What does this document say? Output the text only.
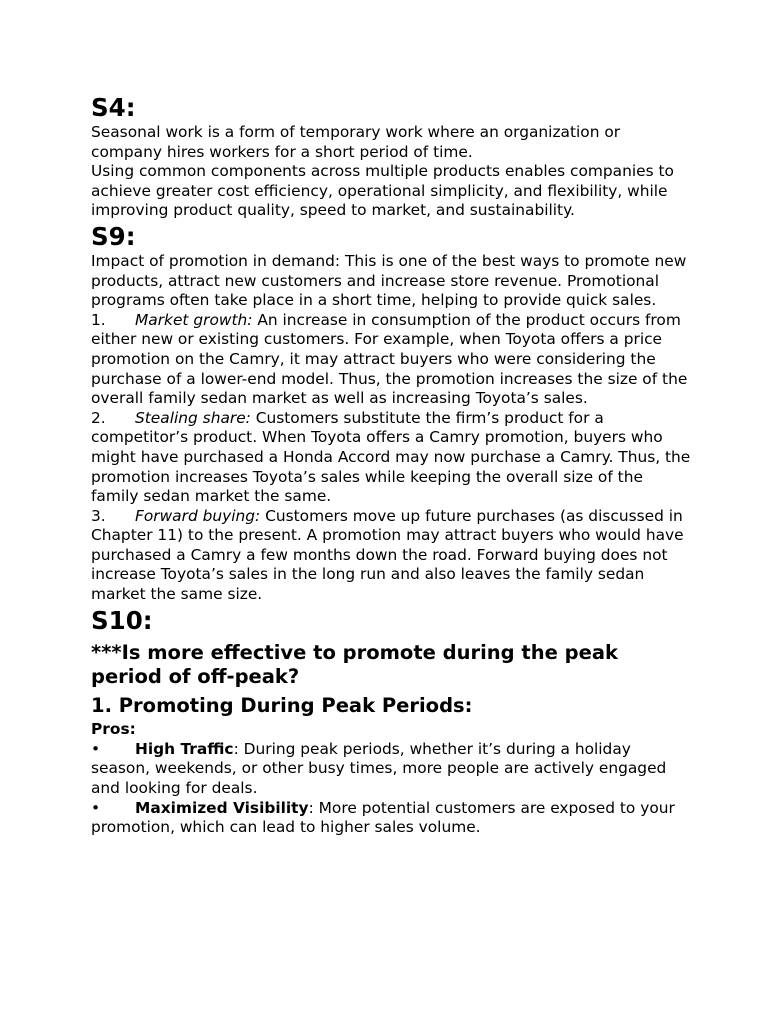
S4:

Seasonal work is a form of temporary work where an organization or company hires workers for a short period of time.

Using common components across multiple products enables companies to achieve greater cost efficiency, operational simplicity, and flexibility, while improving product quality, speed to market, and sustainability.

S9:

Impact of promotion in demand: This is one of the best ways to promote new products, attract new customers and increase store revenue. Promotional programs often take place in a short time, helping to provide quick sales.

1. Market growth: An increase in consumption of the product occurs from either new or existing customers. For example, when Toyota offers a price promotion on the Camry, it may attract buyers who were considering the purchase of a lower-end model. Thus, the promotion increases the size of the overall family sedan market as well as increasing Toyota’s sales.

2. Stealing share: Customers substitute the firm’s product for a competitor’s product. When Toyota offers a Camry promotion, buyers who might have purchased a Honda Accord may now purchase a Camry. Thus, the promotion increases Toyota’s sales while keeping the overall size of the family sedan market the same.

3. Forward buying: Customers move up future purchases (as discussed in Chapter 11) to the present. A promotion may attract buyers who would have purchased a Camry a few months down the road. Forward buying does not increase Toyota’s sales in the long run and also leaves the family sedan market the same size.

S10:
***Is more effective to promote during the peak period of off-peak?
1. Promoting During Peak Periods:

Pros:

• High Traffic: During peak periods, whether it’s during a holiday season, weekends, or other busy times, more people are actively engaged and looking for deals.

• Maximized Visibility: More potential customers are exposed to your promotion, which can lead to higher sales volume.
